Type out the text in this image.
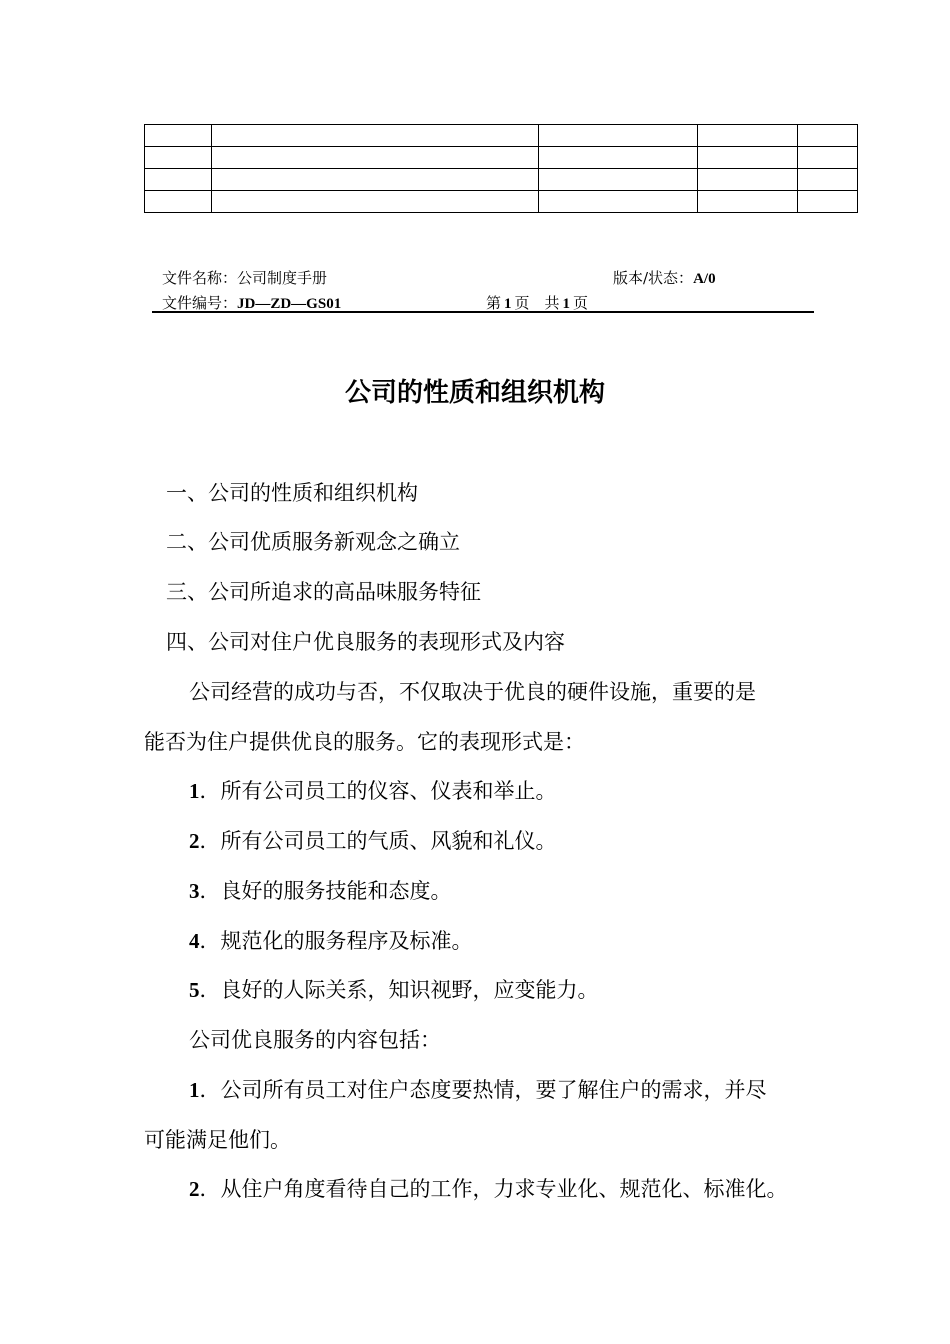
文件名称：公司制度手册	版本/状态：A/0
文件编号：JD—ZD—GS01	第 1 页　共 1 页
公司的性质和组织机构
一、公司的性质和组织机构
二、公司优质服务新观念之确立
三、公司所追求的高品味服务特征
四、公司对住户优良服务的表现形式及内容
公司经营的成功与否，不仅取决于优良的硬件设施，重要的是
能否为住户提供优良的服务。它的表现形式是：
1．所有公司员工的仪容、仪表和举止。
2．所有公司员工的气质、风貌和礼仪。
3．良好的服务技能和态度。
4．规范化的服务程序及标准。
5．良好的人际关系，知识视野，应变能力。
公司优良服务的内容包括：
1．公司所有员工对住户态度要热情，要了解住户的需求，并尽
可能满足他们。
2．从住户角度看待自己的工作，力求专业化、规范化、标准化。
